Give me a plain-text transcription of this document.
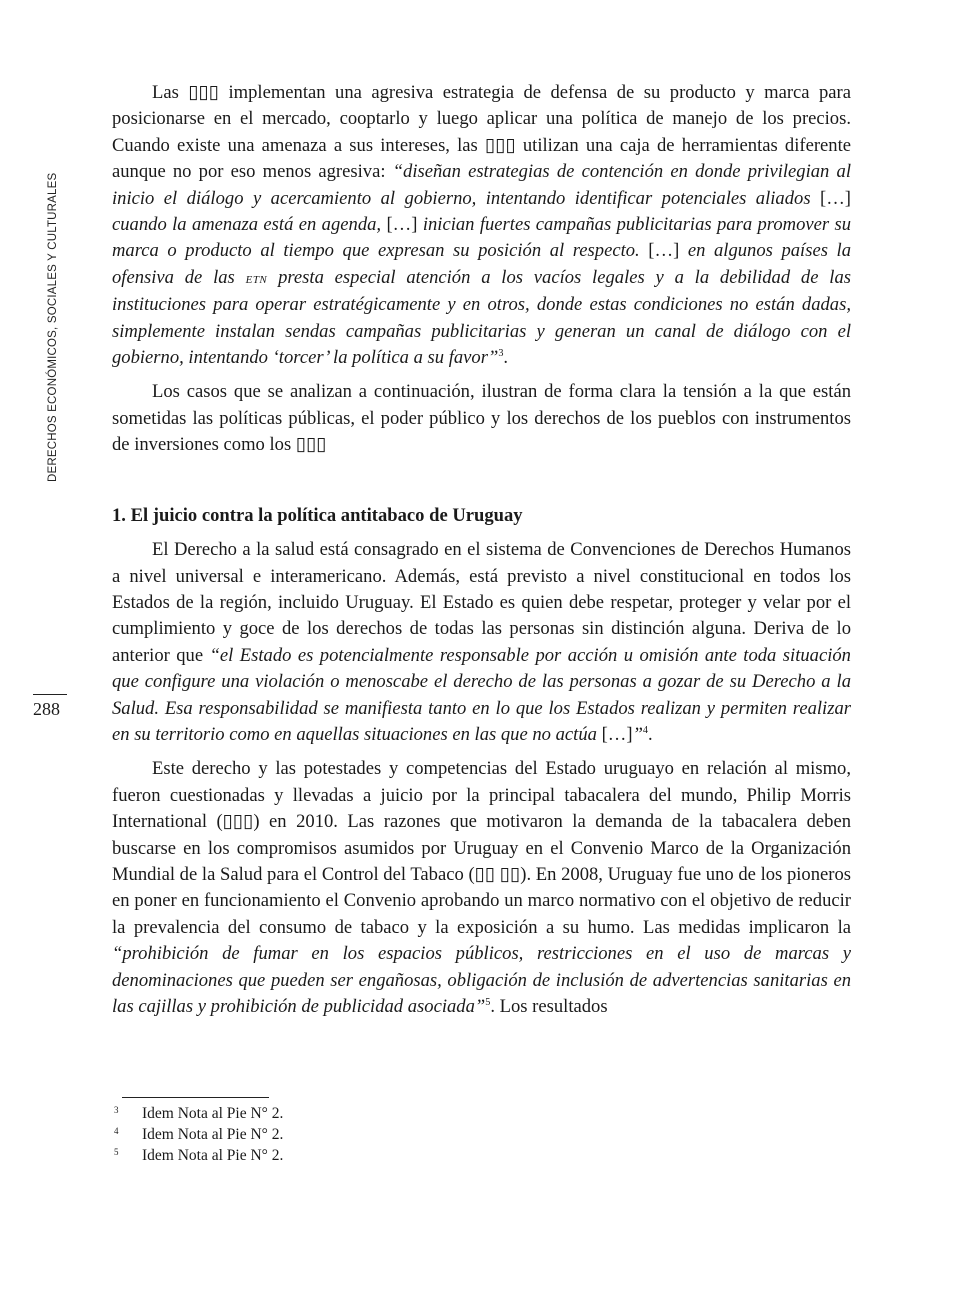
DERECHOS ECONÓMICOS, SOCIALES Y CULTURALES
288

Las ▯▯▯ implementan una agresiva estrategia de defensa de su producto y marca para posicionarse en el mercado, cooptarlo y luego aplicar una política de manejo de los precios. Cuando existe una amenaza a sus intereses, las ▯▯▯ utilizan una caja de herramientas diferente aunque no por eso menos agresiva: “diseñan estrategias de contención en donde privilegian al inicio el diálogo y acercamiento al gobierno, intentando identificar potenciales aliados […] cuando la amenaza está en agenda, […] inician fuertes campañas publicitarias para promover su marca o producto al tiempo que expresan su posición al respecto. […] en algunos países la ofensiva de las etn presta especial atención a los vacíos legales y a la debilidad de las instituciones para operar estratégicamente y en otros, donde estas condiciones no están dadas, simplemente instalan sendas campañas publicitarias y generan un canal de diálogo con el gobierno, intentando ‘torcer’ la política a su favor”$^3$.

Los casos que se analizan a continuación, ilustran de forma clara la tensión a la que están sometidas las políticas públicas, el poder público y los derechos de los pueblos con instrumentos de inversiones como los ▯▯▯

1. El juicio contra la política antitabaco de Uruguay

El Derecho a la salud está consagrado en el sistema de Convenciones de Derechos Humanos a nivel universal e interamericano. Además, está previsto a nivel constitucional en todos los Estados de la región, incluido Uruguay. El Estado es quien debe respetar, proteger y velar por el cumplimiento y goce de los derechos de todas las personas sin distinción alguna. Deriva de lo anterior que “el Estado es potencialmente responsable por acción u omisión ante toda situación que configure una violación o menoscabe el derecho de las personas a gozar de su Derecho a la Salud. Esa responsabilidad se manifiesta tanto en lo que los Estados realizan y permiten realizar en su territorio como en aquellas situaciones en las que no actúa […]”$^4$.

Este derecho y las potestades y competencias del Estado uruguayo en relación al mismo, fueron cuestionadas y llevadas a juicio por la principal tabacalera del mundo, Philip Morris International (▯▯▯) en 2010. Las razones que motivaron la demanda de la tabacalera deben buscarse en los compromisos asumidos por Uruguay en el Convenio Marco de la Organización Mundial de la Salud para el Control del Tabaco (▯▯ ▯▯). En 2008, Uruguay fue uno de los pioneros en poner en funcionamiento el Convenio aprobando un marco normativo con el objetivo de reducir la prevalencia del consumo de tabaco y la exposición a su humo. Las medidas implicaron la “prohibición de fumar en los espacios públicos, restricciones en el uso de marcas y denominaciones que pueden ser engañosas, obligación de inclusión de advertencias sanitarias en las cajillas y prohibición de publicidad asociada”$^5$. Los resultados

3	Idem Nota al Pie N° 2.
4	Idem Nota al Pie N° 2.
5	Idem Nota al Pie N° 2.
